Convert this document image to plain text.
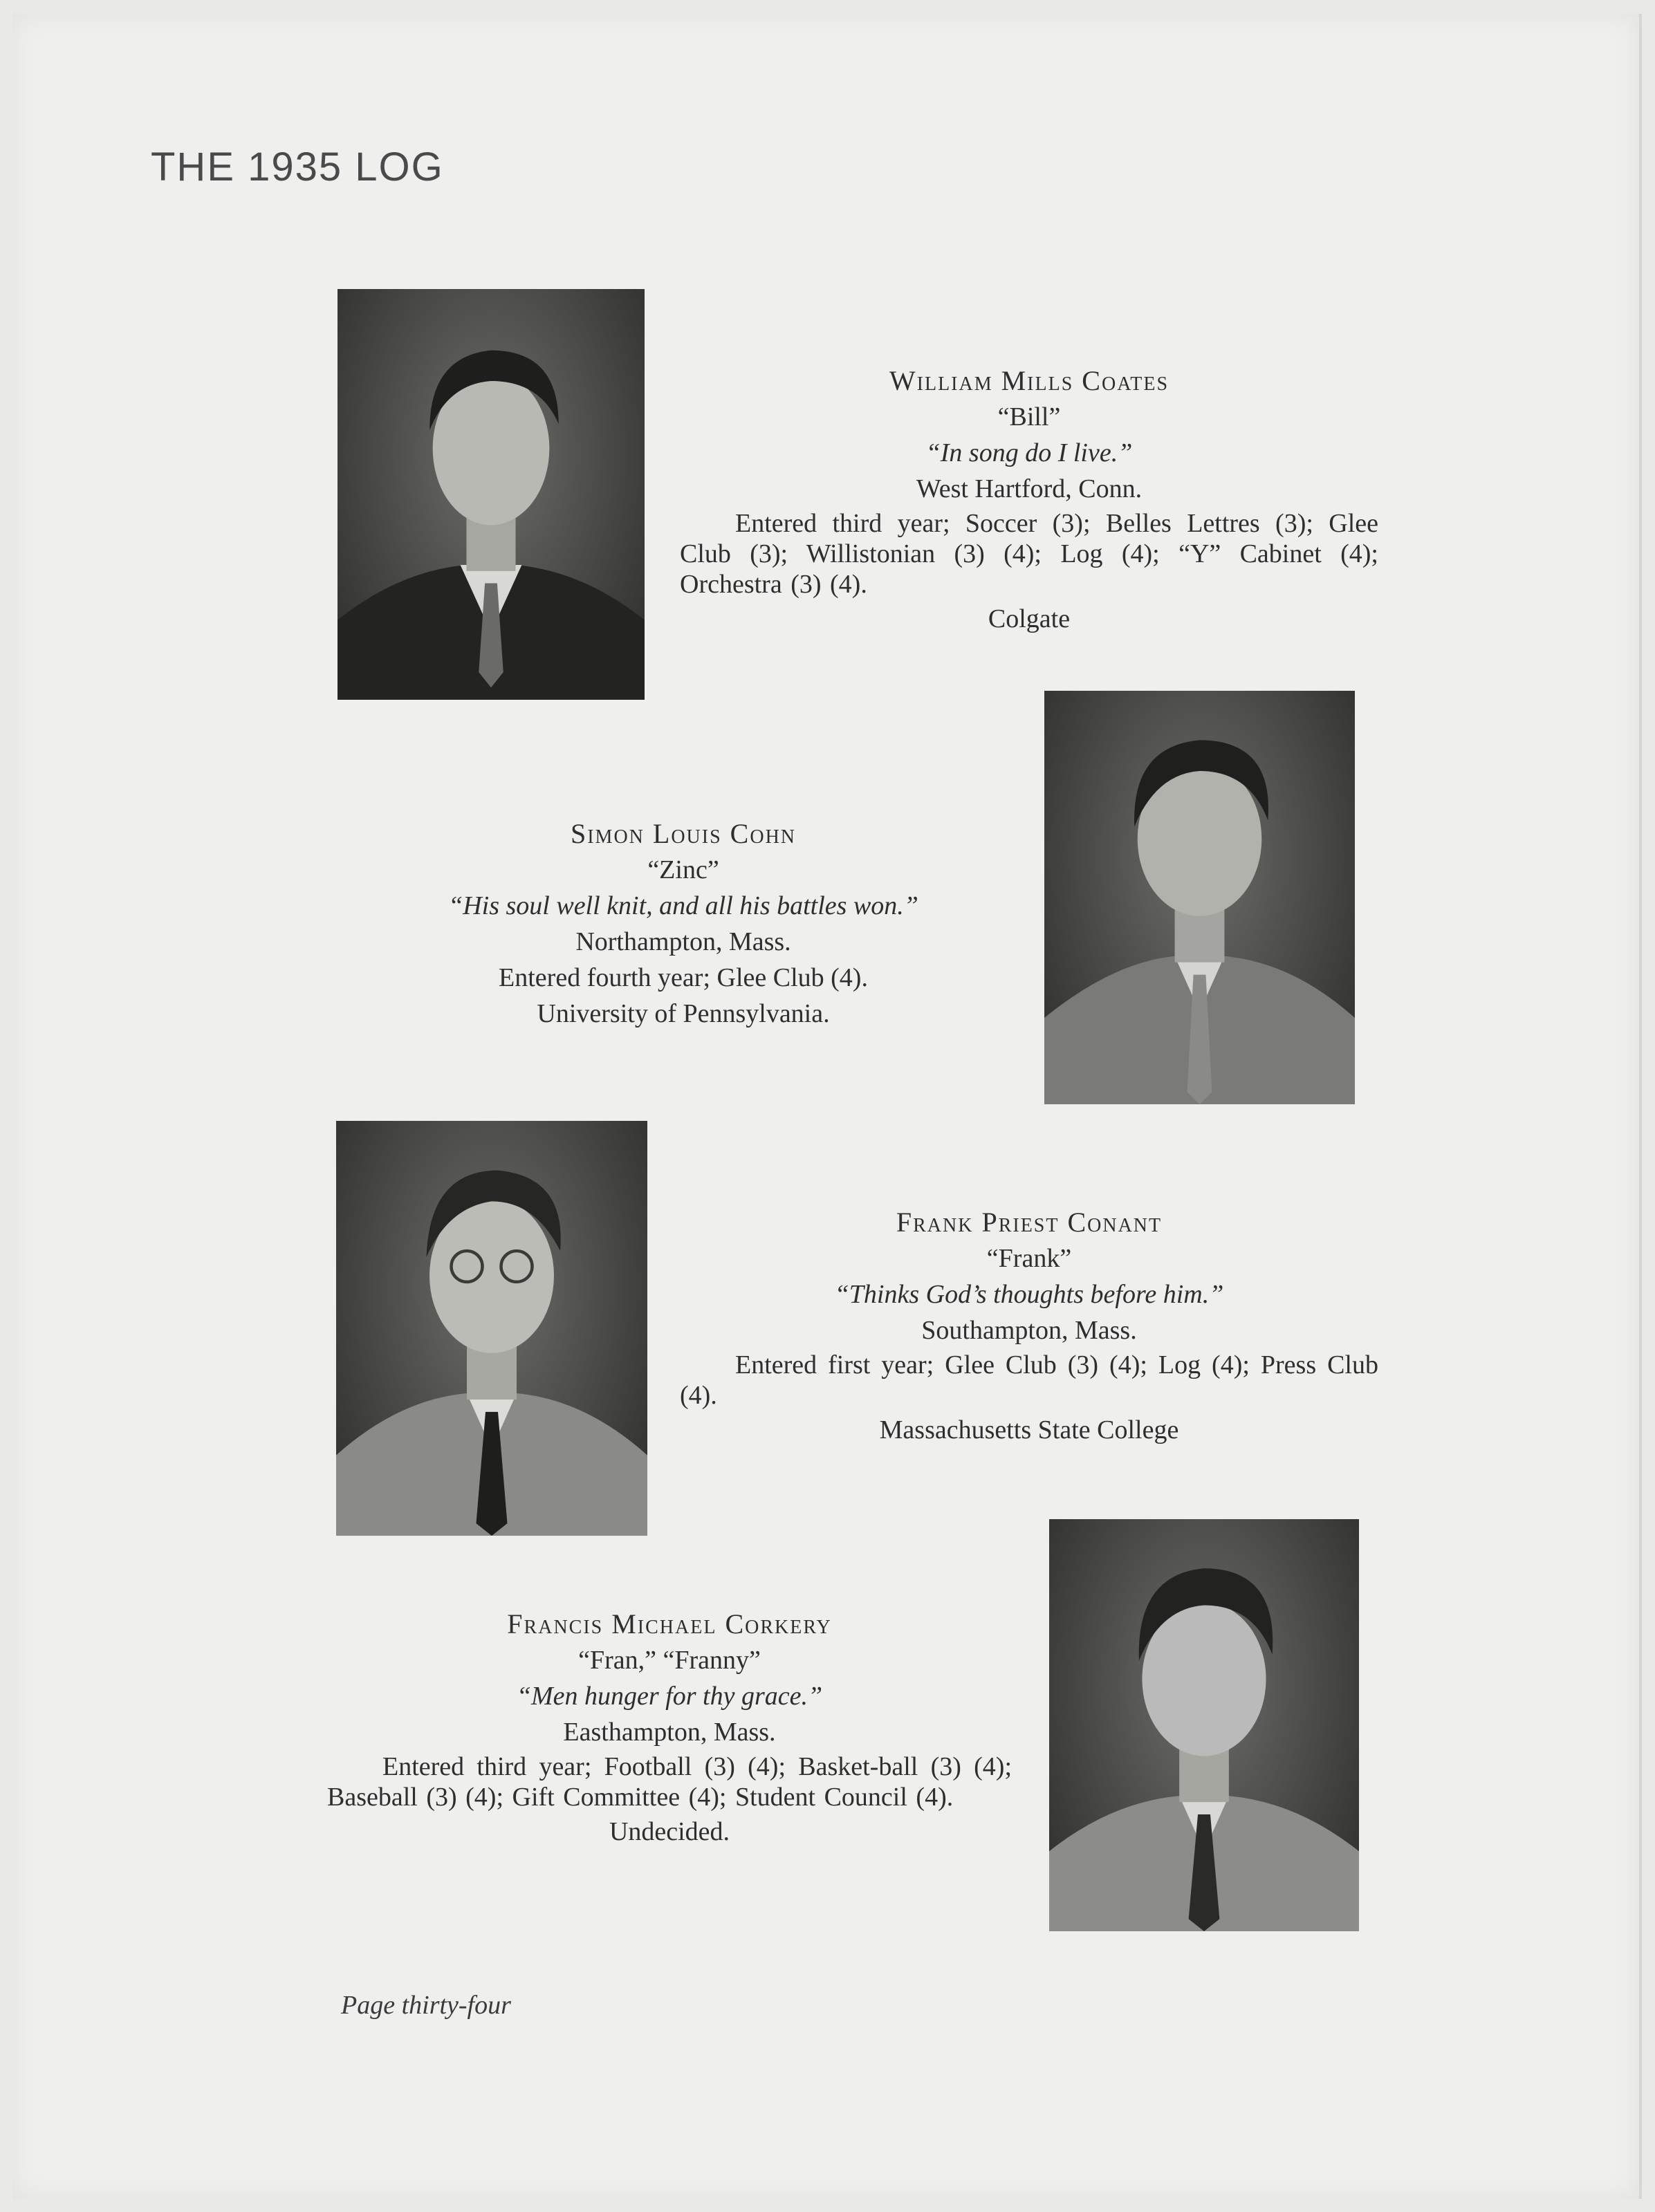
THE 1935 LOG
William Mills Coates
“Bill”
“In song do I live.”
West Hartford, Conn.
Entered third year; Soccer (3); Belles Lettres (3); Glee Club (3); Willistonian (3) (4); Log (4); “Y” Cabinet (4); Orchestra (3) (4).
Colgate
Simon Louis Cohn
“Zinc”
“His soul well knit, and all his battles won.”
Northampton, Mass.
Entered fourth year; Glee Club (4).
University of Pennsylvania.
Frank Priest Conant
“Frank”
“Thinks God’s thoughts before him.”
Southampton, Mass.
Entered first year; Glee Club (3) (4); Log (4); Press Club (4).
Massachusetts State College
Francis Michael Corkery
“Fran,” “Franny”
“Men hunger for thy grace.”
Easthampton, Mass.
Entered third year; Football (3) (4); Basket-ball (3) (4); Baseball (3) (4); Gift Committee (4); Student Council (4).
Undecided.
Page thirty-four
